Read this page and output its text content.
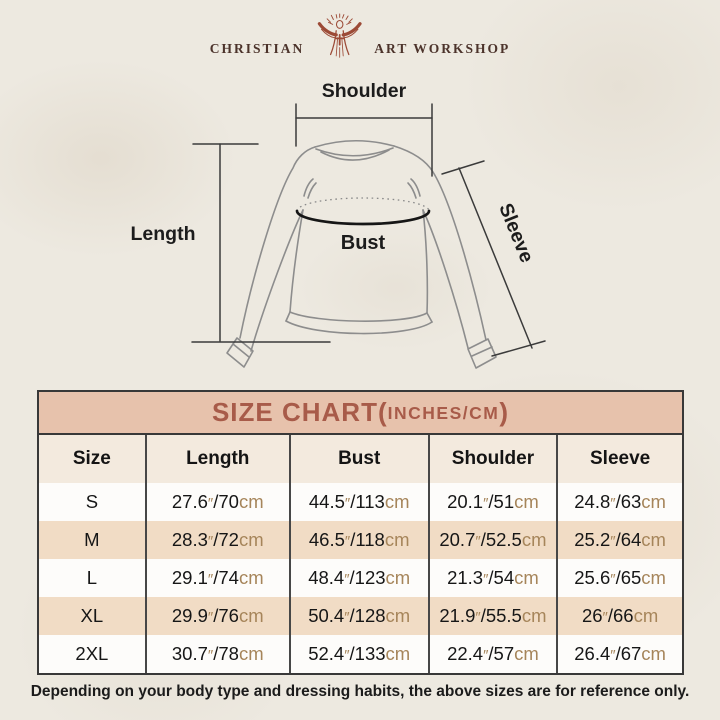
CHRISTIAN	ART WORKSHOP
Shoulder
Length	Bust	Sleeve
SIZE CHART( INCHES/CM )
Size	Length	Bust	Shoulder	Sleeve
S	27.6″/70cm	44.5″/113cm	20.1″/51cm	24.8″/63cm
M	28.3″/72cm	46.5″/118cm	20.7″/52.5cm	25.2″/64cm
L	29.1″/74cm	48.4″/123cm	21.3″/54cm	25.6″/65cm
XL	29.9″/76cm	50.4″/128cm	21.9″/55.5cm	26″/66cm
2XL	30.7″/78cm	52.4″/133cm	22.4″/57cm	26.4″/67cm
Depending on your body type and dressing habits, the above sizes are for reference only.
